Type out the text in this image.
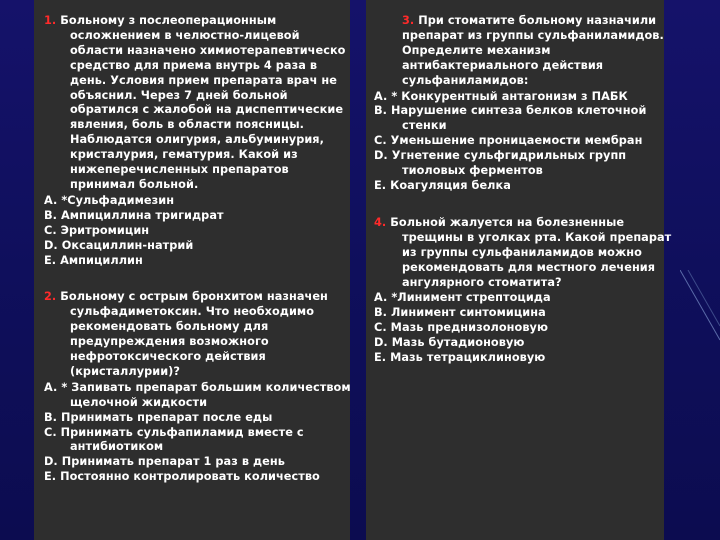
1. Больному з послеоперационным
осложнением в челюстно-лицевой
области назначено химиотерапевтическо
средство для приема внутрь 4 раза в
день. Условия прием препарата врач не
объяснил. Через 7 дней больной
обратился с жалобой на диспептические
явления, боль в области поясницы.
Наблюдатся олигурия, альбуминурия,
кристалурия, гематурия. Какой из
нижеперечисленных препаратов
принимал больной.
A. *Сульфадимезин
B. Ампициллина тригидрат
C. Эритромицин
D. Оксациллин-натрий
E. Ампициллин
2. Больному с острым бронхитом назначен
сульфадиметоксин. Что необходимо
рекомендовать больному для
предупреждения возможного
нефротоксического действия
(кристаллурии)?
A. * Запивать препарат большим количеством
щелочной жидкости
B. Принимать препарат после еды
C. Принимать сульфапиламид вместе с
антибиотиком
D. Принимать препарат 1 раз в день
E. Постоянно контролировать количество
3. При стоматите больному назначили
препарат из группы сульфаниламидов.
Определите механизм
антибактериального действия
сульфаниламидов:
A. * Конкурентный антагонизм з ПАБК
B. Нарушение синтеза белков клеточной
стенки
C. Уменьшение проницаемости мембран
D. Угнетение сульфгидрильных групп
тиоловых ферментов
E. Коагуляция белка
4. Больной жалуется на болезненные
трещины в уголках рта. Какой препарат
из группы сульфаниламидов можно
рекомендовать для местного лечения
ангулярного стоматита?
A. *Линимент стрептоцида
B. Линимент синтомицина
C. Мазь преднизолоновую
D. Мазь бутадионовую
E. Мазь тетрациклиновую
